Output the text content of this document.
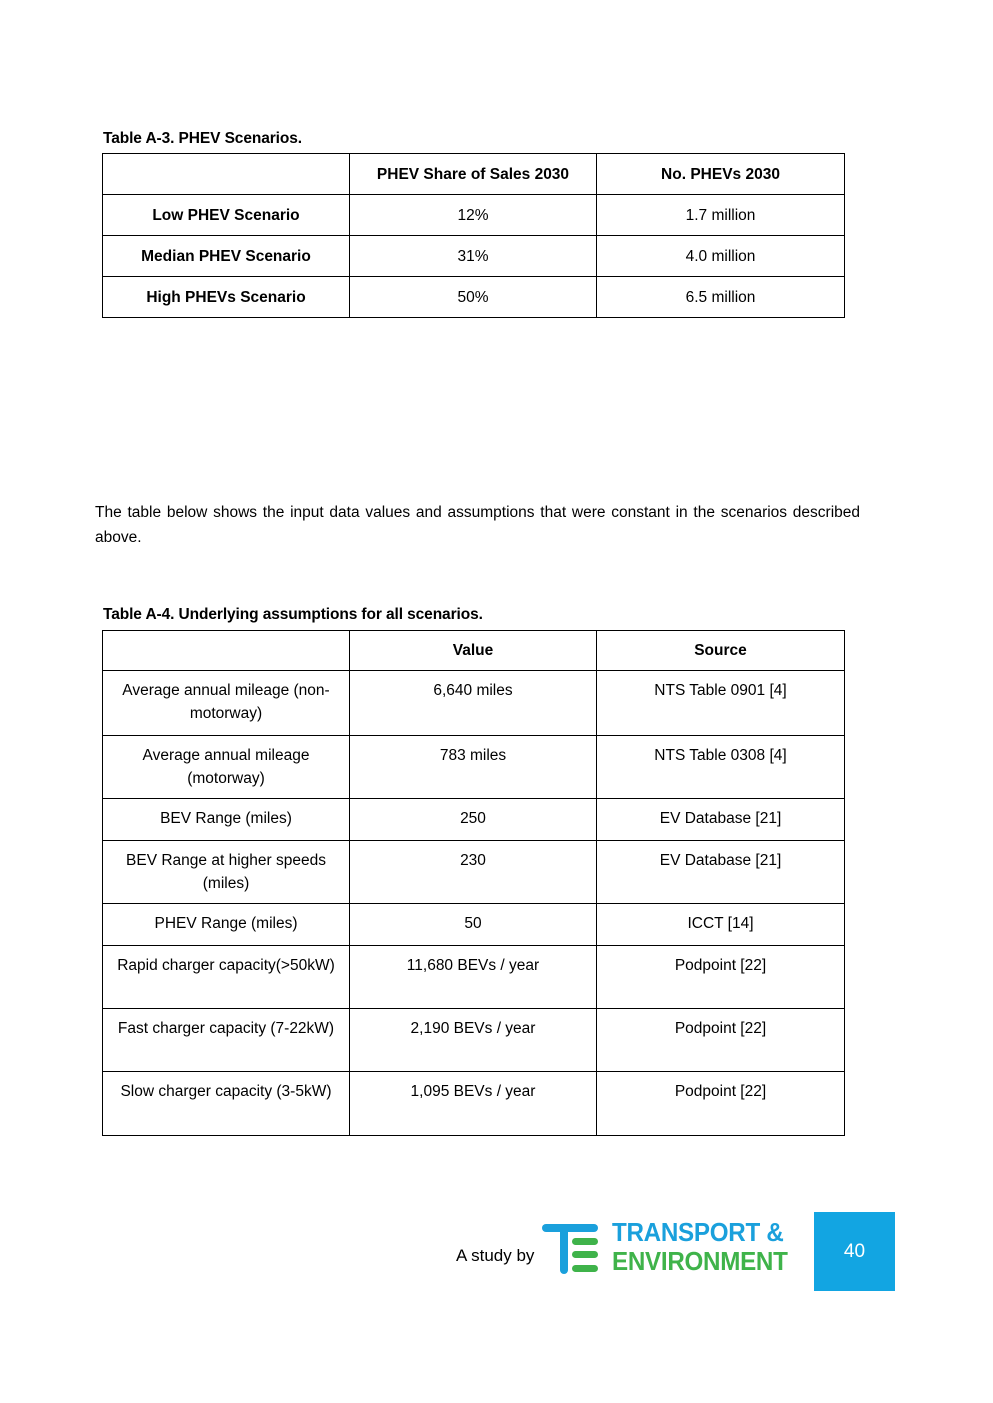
Table A-3. PHEV Scenarios.
	PHEV Share of Sales 2030	No. PHEVs 2030
Low PHEV Scenario	12%	1.7 million
Median PHEV Scenario	31%	4.0 million
High PHEVs Scenario	50%	6.5 million
The table below shows the input data values and assumptions that were constant in the scenarios described above.
Table A-4. Underlying assumptions for all scenarios.
	Value	Source
Average annual mileage (non-motorway)	6,640 miles	NTS Table 0901 [4]
Average annual mileage (motorway)	783 miles	NTS Table 0308 [4]
BEV Range (miles)	250	EV Database [21]
BEV Range at higher speeds (miles)	230	EV Database [21]
PHEV Range (miles)	50	ICCT [14]
Rapid charger capacity(>50kW)	11,680 BEVs / year	Podpoint [22]
Fast charger capacity (7-22kW)	2,190 BEVs / year	Podpoint [22]
Slow charger capacity (3-5kW)	1,095 BEVs / year	Podpoint [22]
A study by
TRANSPORT &
ENVIRONMENT	40
